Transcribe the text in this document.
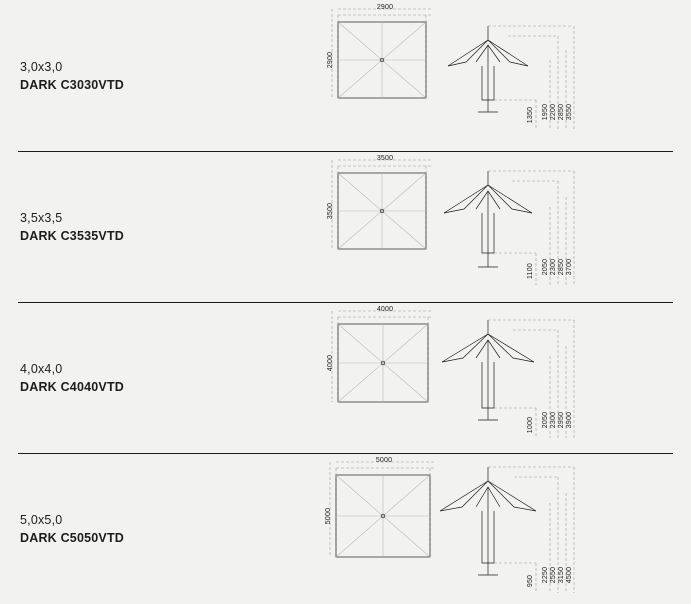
3,0x3,0
DARK C3030VTD
2900
2900
1350 1950 2200 2850 3550
3,5x3,5
DARK C3535VTD
3500
3500
1100 2050 2300 2850 3700
4,0x4,0
DARK C4040VTD
4000
4000
1000 2050 2300 2950 3900
5,0x5,0
DARK C5050VTD
5000
5000
950 2250 2550 3150 4500
